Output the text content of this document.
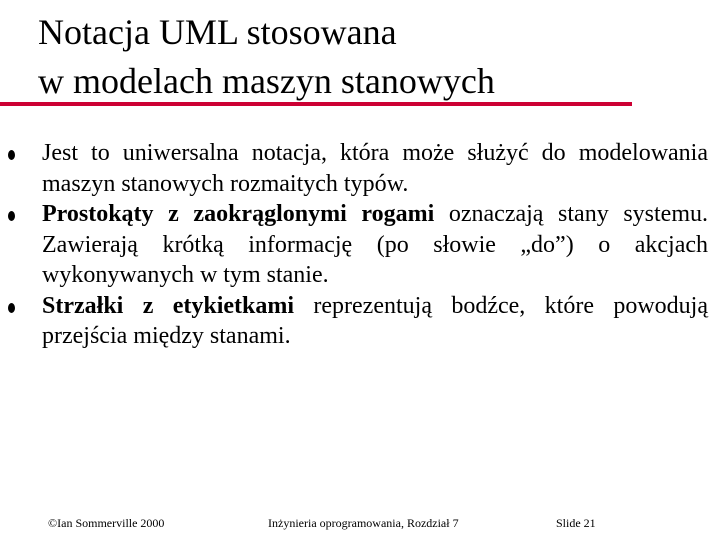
Notacja UML stosowana
w modelach maszyn stanowych
Jest to uniwersalna notacja, która może służyć do modelowania maszyn stanowych rozmaitych typów.
Prostokąty z zaokrąglonymi rogami oznaczają stany systemu. Zawierają krótką informację (po słowie „do”) o akcjach wykonywanych w tym stanie.
Strzałki z etykietkami reprezentują bodźce, które powodują przejścia między stanami.
©Ian Sommerville 2000	Inżynieria oprogramowania, Rozdział 7	Slide 21
